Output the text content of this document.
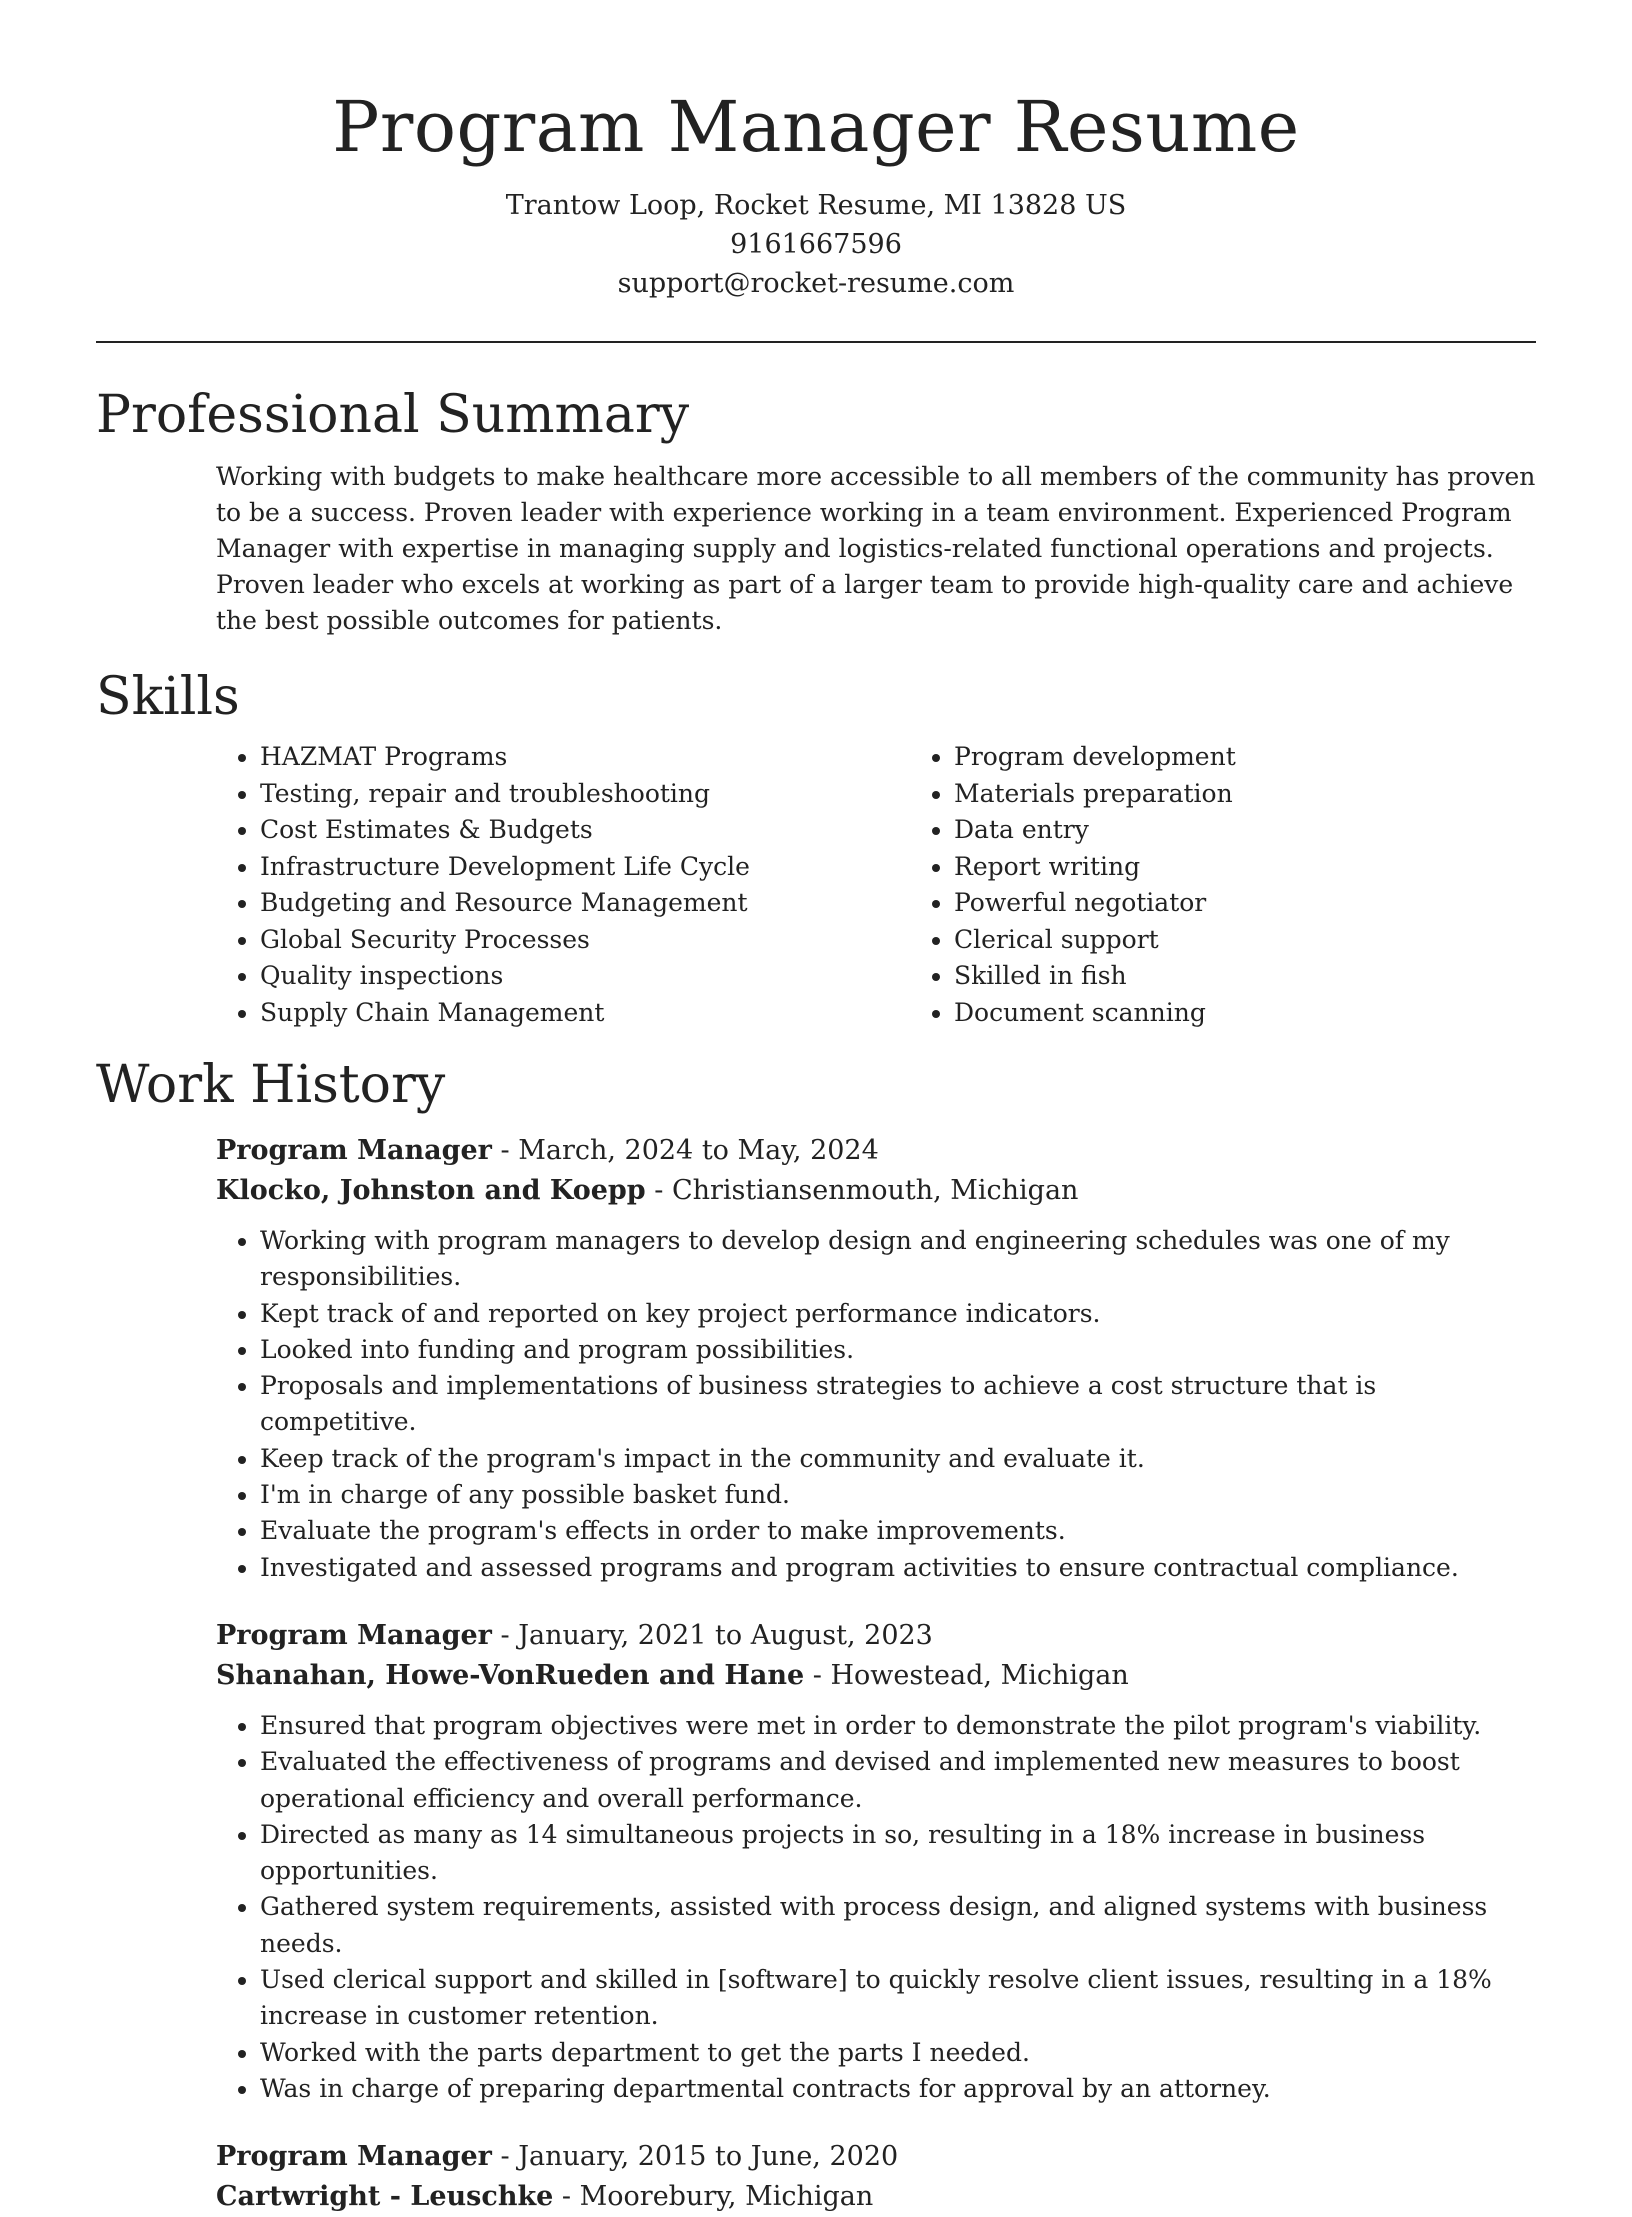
Program Manager Resume
Trantow Loop, Rocket Resume, MI 13828 US
9161667596
support@rocket-resume.com
Professional Summary

Working with budgets to make healthcare more accessible to all members of the community has proven to be a success. Proven leader with experience working in a team environment. Experienced Program Manager with expertise in managing supply and logistics-related functional operations and projects. Proven leader who excels at working as part of a larger team to provide high-quality care and achieve the best possible outcomes for patients.

Skills
• HAZMAT Programs
• Testing, repair and troubleshooting
• Cost Estimates & Budgets
• Infrastructure Development Life Cycle
• Budgeting and Resource Management
• Global Security Processes
• Quality inspections
• Supply Chain Management
• Program development
• Materials preparation
• Data entry
• Report writing
• Powerful negotiator
• Clerical support
• Skilled in fish
• Document scanning
Work History
Program Manager - March, 2024 to May, 2024
Klocko, Johnston and Koepp - Christiansenmouth, Michigan
• Working with program managers to develop design and engineering schedules was one of my responsibilities.
• Kept track of and reported on key project performance indicators.
• Looked into funding and program possibilities.
• Proposals and implementations of business strategies to achieve a cost structure that is competitive.
• Keep track of the program's impact in the community and evaluate it.
• I'm in charge of any possible basket fund.
• Evaluate the program's effects in order to make improvements.
• Investigated and assessed programs and program activities to ensure contractual compliance.
Program Manager - January, 2021 to August, 2023
Shanahan, Howe-VonRueden and Hane - Howestead, Michigan
• Ensured that program objectives were met in order to demonstrate the pilot program's viability.
• Evaluated the effectiveness of programs and devised and implemented new measures to boost operational efficiency and overall performance.
• Directed as many as 14 simultaneous projects in so, resulting in a 18% increase in business opportunities.
• Gathered system requirements, assisted with process design, and aligned systems with business needs.
• Used clerical support and skilled in [software] to quickly resolve client issues, resulting in a 18% increase in customer retention.
• Worked with the parts department to get the parts I needed.
• Was in charge of preparing departmental contracts for approval by an attorney.
Program Manager - January, 2015 to June, 2020
Cartwright - Leuschke - Moorebury, Michigan
